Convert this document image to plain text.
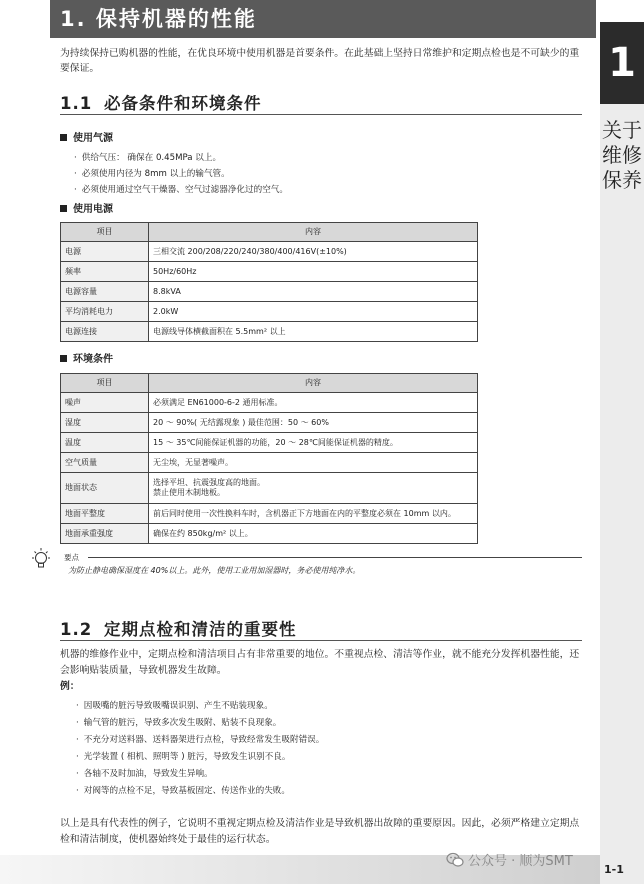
1. 保持机器的性能
1
关于维修保养

为持续保持已购机器的性能，在优良环境中使用机器是首要条件。在此基础上坚持日常维护和定期点检也是不可缺少的重要保证。

1.1 必备条件和环境条件
使用气源
· 供给气压： 确保在 0.45MPa 以上。
· 必须使用内径为 8mm 以上的输气管。
· 必须使用通过空气干燥器、空气过滤器净化过的空气。
使用电源
项目	内容
电源	三相交流 200/208/220/240/380/400/416V(±10%)
频率	50Hz/60Hz
电源容量	8.8kVA
平均消耗电力	2.0kW
电源连接	电源线导体横截面积在 5.5mm² 以上
环境条件
项目	内容
噪声	必须满足 EN61000-6-2 通用标准。
湿度	20 ～ 90%( 无结露现象 ) 最佳范围：50 ～ 60%
温度	15 ～ 35℃间能保证机器的功能，20 ～ 28℃间能保证机器的精度。
空气质量	无尘埃，无显著噪声。
地面状态	选择平坦、抗震强度高的地面。
禁止使用木制地板。

地面平整度	前后同时使用一次性换料车时，含机器正下方地面在内的平整度必须在 10mm 以内。
地面承重强度	确保在约 850kg/m² 以上。
要点
为防止静电确保湿度在 40%以上。此外，使用工业用加湿器时，务必使用纯净水。
1.2 定期点检和清洁的重要性

机器的维修作业中，定期点检和清洁项目占有非常重要的地位。不重视点检、清洁等作业，就不能充分发挥机器性能，还会影响贴装质量，导致机器发生故障。

例：

· 因吸嘴的脏污导致吸嘴误识别、产生不贴装现象。
· 输气管的脏污，导致多次发生吸附、贴装不良现象。
· 不充分对送料器、送料器架进行点检，导致经常发生吸附错误。
· 光学装置 ( 相机、照明等 ) 脏污，导致发生识别不良。
· 各轴不及时加油，导致发生异响。
· 对阀等的点检不足，导致基板固定、传送作业的失败。

以上是具有代表性的例子，它说明不重视定期点检及清洁作业是导致机器出故障的重要原因。因此，必须严格建立定期点检和清洁制度，使机器始终处于最佳的运行状态。

公众号 · 顺为SMT
1-1
